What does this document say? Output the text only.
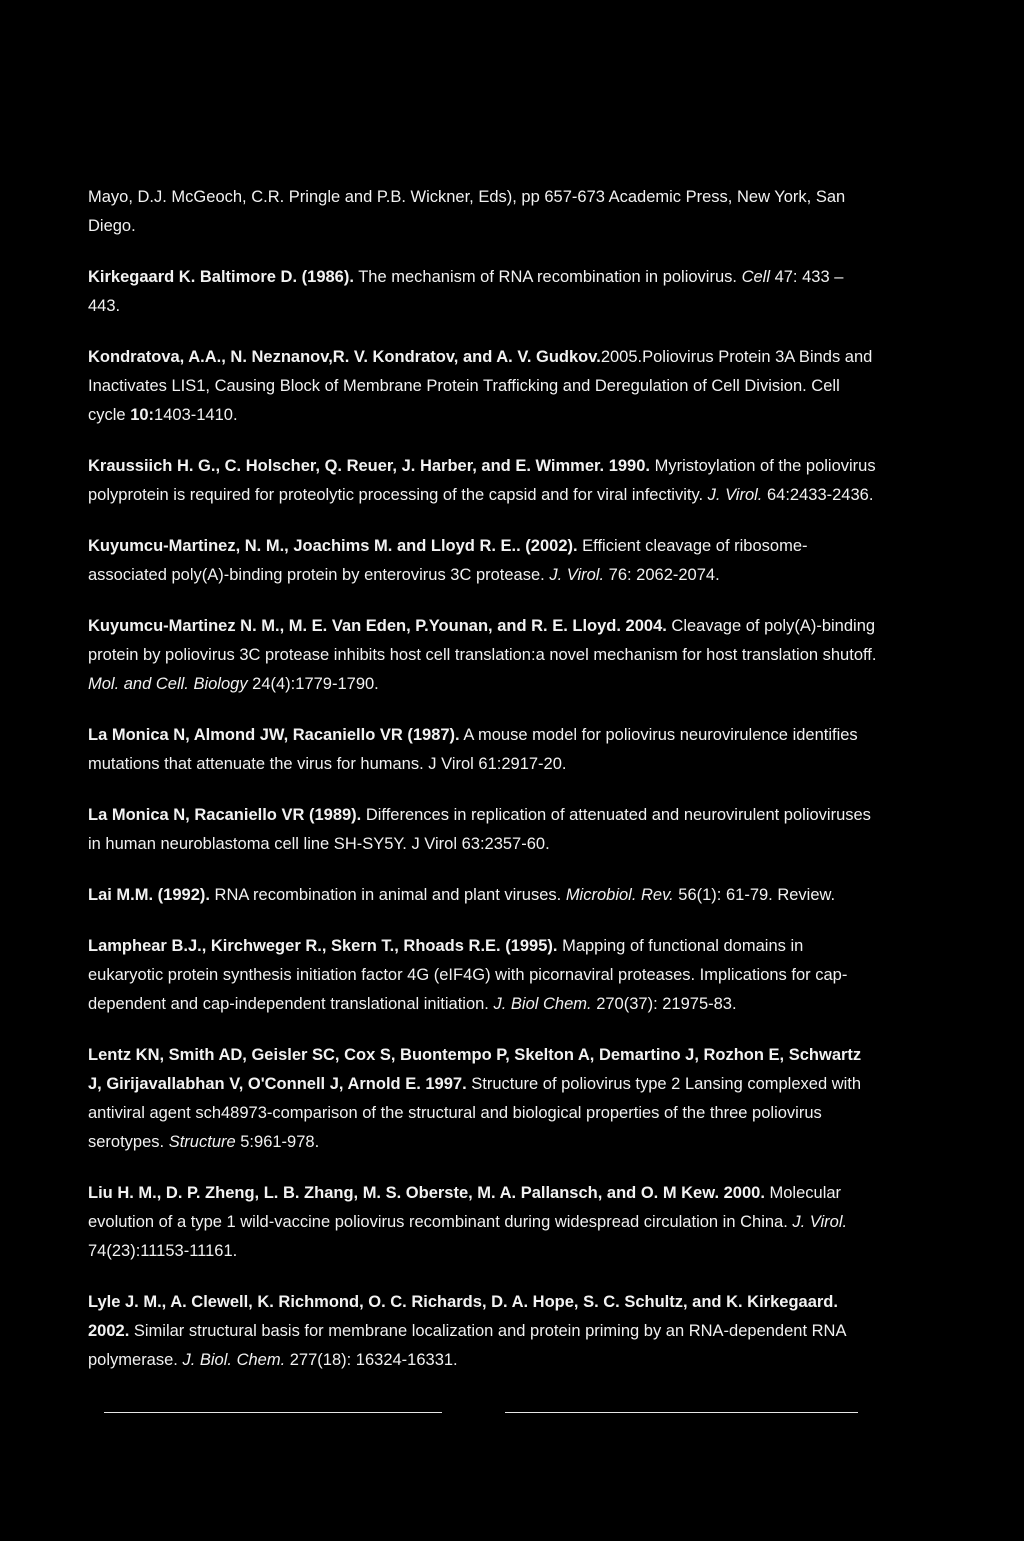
Mayo, D.J. McGeoch, C.R. Pringle and P.B. Wickner, Eds), pp 657-673 Academic Press, New York, San Diego.

Kirkegaard K. Baltimore D. (1986). The mechanism of RNA recombination in poliovirus. Cell 47: 433 – 443.

Kondratova, A.A., N. Neznanov,R. V. Kondratov, and A. V. Gudkov.2005.Poliovirus Protein 3A Binds and Inactivates LIS1, Causing Block of Membrane Protein Trafficking and Deregulation of Cell Division. Cell cycle 10:1403-1410.

Kraussiich H. G., C. Holscher, Q. Reuer, J. Harber, and E. Wimmer. 1990. Myristoylation of the poliovirus polyprotein is required for proteolytic processing of the capsid and for viral infectivity. J. Virol. 64:2433-2436.

Kuyumcu-Martinez, N. M., Joachims M. and Lloyd R. E.. (2002). Efficient cleavage of ribosome-associated poly(A)-binding protein by enterovirus 3C protease. J. Virol. 76: 2062-2074.

Kuyumcu-Martinez N. M., M. E. Van Eden, P.Younan, and R. E. Lloyd. 2004. Cleavage of poly(A)-binding protein by poliovirus 3C protease inhibits host cell translation:a novel mechanism for host translation shutoff. Mol. and Cell. Biology 24(4):1779-1790.

La Monica N, Almond JW, Racaniello VR (1987). A mouse model for poliovirus neurovirulence identifies mutations that attenuate the virus for humans. J Virol 61:2917-20.

La Monica N, Racaniello VR (1989). Differences in replication of attenuated and neurovirulent polioviruses in human neuroblastoma cell line SH-SY5Y. J Virol 63:2357-60.

Lai M.M. (1992). RNA recombination in animal and plant viruses. Microbiol. Rev. 56(1): 61-79. Review.

Lamphear B.J., Kirchweger R., Skern T., Rhoads R.E. (1995). Mapping of functional domains in eukaryotic protein synthesis initiation factor 4G (eIF4G) with picornaviral proteases. Implications for cap-dependent and cap-independent translational initiation. J. Biol Chem. 270(37): 21975-83.

Lentz KN, Smith AD, Geisler SC, Cox S, Buontempo P, Skelton A, Demartino J, Rozhon E, Schwartz J, Girijavallabhan V, O'Connell J, Arnold E. 1997. Structure of poliovirus type 2 Lansing complexed with antiviral agent sch48973-comparison of the structural and biological properties of the three poliovirus serotypes. Structure 5:961-978.

Liu H. M., D. P. Zheng, L. B. Zhang, M. S. Oberste, M. A. Pallansch, and O. M Kew. 2000. Molecular evolution of a type 1 wild-vaccine poliovirus recombinant during widespread circulation in China. J. Virol. 74(23):11153-11161.

Lyle J. M., A. Clewell, K. Richmond, O. C. Richards, D. A. Hope, S. C. Schultz, and K. Kirkegaard. 2002. Similar structural basis for membrane localization and protein priming by an RNA-dependent RNA polymerase. J. Biol. Chem. 277(18): 16324-16331.
